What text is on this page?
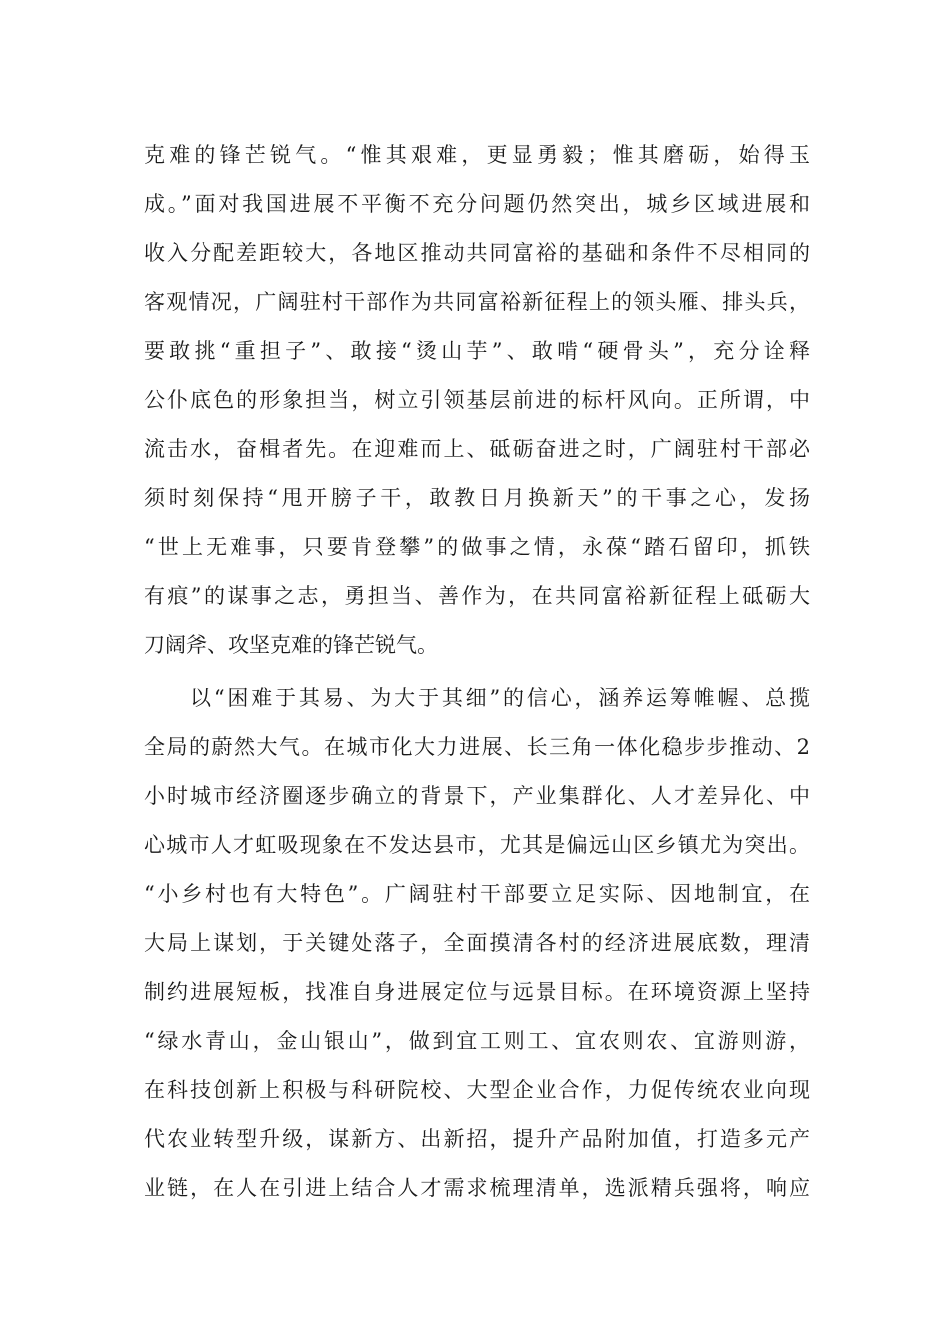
克难的锋芒锐气。“惟其艰难，更显勇毅；惟其磨砺，始得玉
成。”面对我国进展不平衡不充分问题仍然突出，城乡区域进展和
收入分配差距较大，各地区推动共同富裕的基础和条件不尽相同的
客观情况，广阔驻村干部作为共同富裕新征程上的领头雁、排头兵，
要敢挑“重担子”、敢接“烫山芋”、敢啃“硬骨头”，充分诠释
公仆底色的形象担当，树立引领基层前进的标杆风向。正所谓，中
流击水，奋楫者先。在迎难而上、砥砺奋进之时，广阔驻村干部必
须时刻保持“甩开膀子干，敢教日月换新天”的干事之心，发扬
“世上无难事，只要肯登攀”的做事之情，永葆“踏石留印，抓铁
有痕”的谋事之志，勇担当、善作为，在共同富裕新征程上砥砺大
刀阔斧、攻坚克难的锋芒锐气。
以“困难于其易、为大于其细”的信心，涵养运筹帷幄、总揽
全局的蔚然大气。在城市化大力进展、长三角一体化稳步步推动、2
小时城市经济圈逐步确立的背景下，产业集群化、人才差异化、中
心城市人才虹吸现象在不发达县市，尤其是偏远山区乡镇尤为突出。
“小乡村也有大特色”。广阔驻村干部要立足实际、因地制宜，在
大局上谋划，于关键处落子，全面摸清各村的经济进展底数，理清
制约进展短板，找准自身进展定位与远景目标。在环境资源上坚持
“绿水青山，金山银山”，做到宜工则工、宜农则农、宜游则游，
在科技创新上积极与科研院校、大型企业合作，力促传统农业向现
代农业转型升级，谋新方、出新招，提升产品附加值，打造多元产
业链，在人在引进上结合人才需求梳理清单，选派精兵强将，响应
